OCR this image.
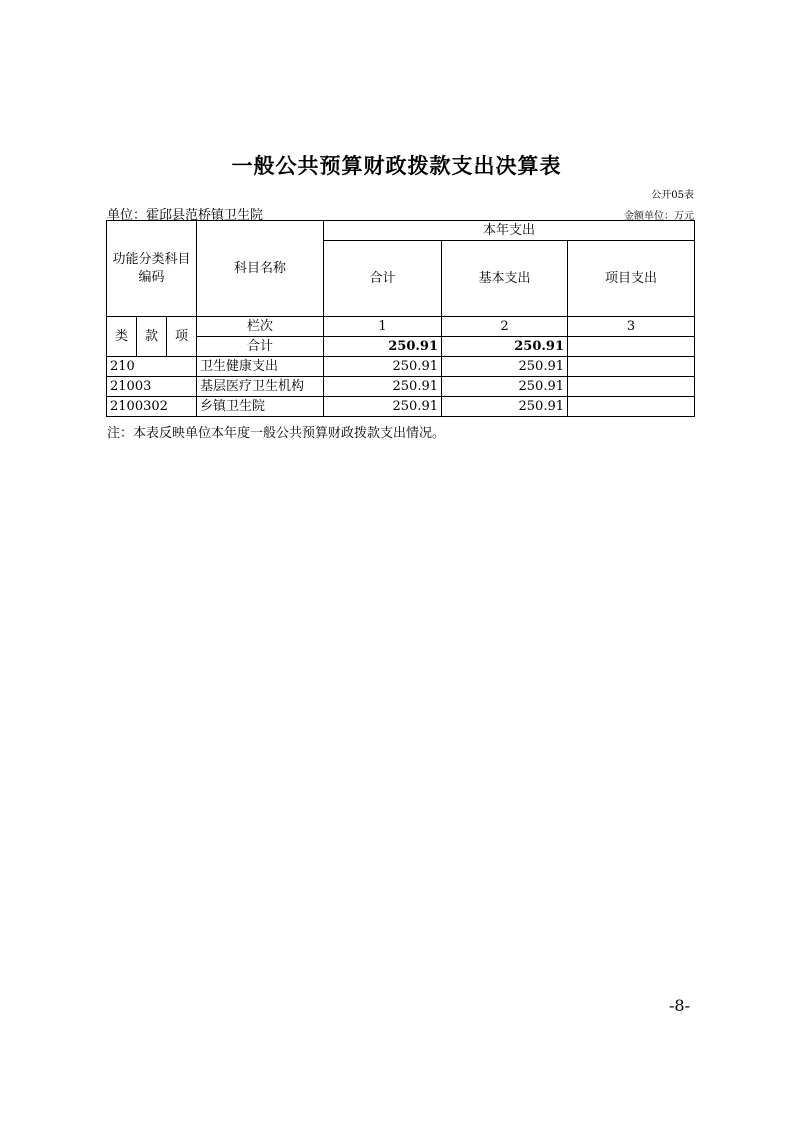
一般公共预算财政拨款支出决算表
公开05表
单位：霍邱县范桥镇卫生院	金额单位：万元
功能分类科目编码			科目名称	本年支出		
				合计	基本支出	项目支出
类	款	项	栏次	1	2	3
			合计	250.91	250.91	
210			卫生健康支出	250.91	250.91	
21003			基层医疗卫生机构	250.91	250.91	
2100302			乡镇卫生院	250.91	250.91	
注：本表反映单位本年度一般公共预算财政拨款支出情况。
-8-
